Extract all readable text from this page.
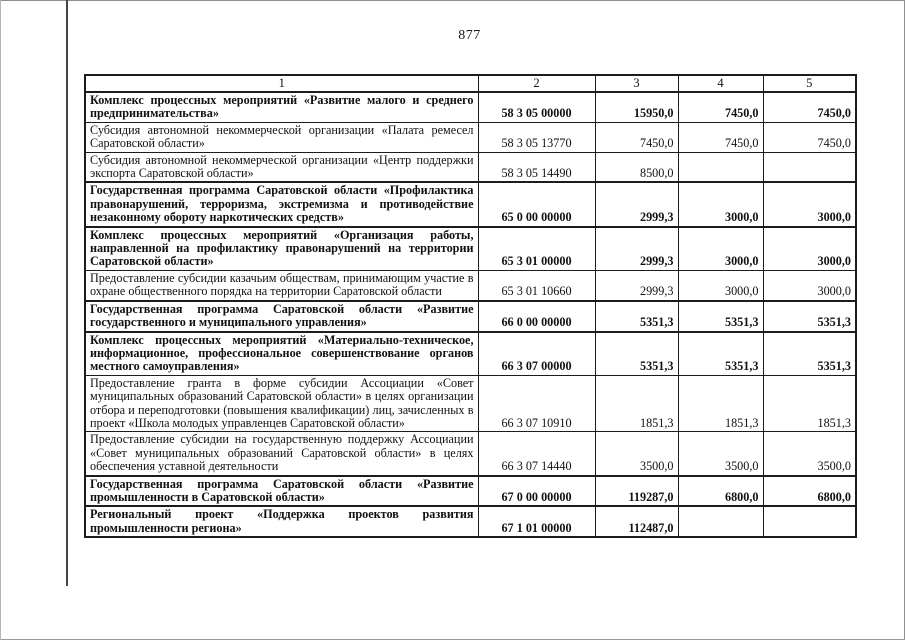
877
1	2	3	4	5
Комплекс процессных мероприятий «Развитие малого и среднего предпринимательства»	58 3 05 00000	15950,0	7450,0	7450,0
Субсидия автономной некоммерческой организации «Палата ремесел Саратовской области»	58 3 05 13770	7450,0	7450,0	7450,0
Субсидия автономной некоммерческой организации «Центр поддержки экспорта Саратовской области»	58 3 05 14490	8500,0		
Государственная программа Саратовской области «Профилактика правонарушений, терроризма, экстремизма и противодействие незаконному обороту наркотических средств»	65 0 00 00000	2999,3	3000,0	3000,0
Комплекс процессных мероприятий «Организация работы, направленной на профилактику правонарушений на территории Саратовской области»	65 3 01 00000	2999,3	3000,0	3000,0
Предоставление субсидии казачьим обществам, принимающим участие в охране общественного порядка на территории Саратовской области	65 3 01 10660	2999,3	3000,0	3000,0
Государственная программа Саратовской области «Развитие государственного и муниципального управления»	66 0 00 00000	5351,3	5351,3	5351,3
Комплекс процессных мероприятий «Материально-техническое, информационное, профессиональное совершенствование органов местного самоуправления»	66 3 07 00000	5351,3	5351,3	5351,3
Предоставление гранта в форме субсидии Ассоциации «Совет муниципальных образований Саратовской области» в целях организации отбора и переподготовки (повышения квалификации) лиц, зачисленных в проект «Школа молодых управленцев Саратовской области»	66 3 07 10910	1851,3	1851,3	1851,3
Предоставление субсидии на государственную поддержку Ассоциации «Совет муниципальных образований Саратовской области» в целях обеспечения уставной деятельности	66 3 07 14440	3500,0	3500,0	3500,0
Государственная программа Саратовской области «Развитие промышленности в Саратовской области»	67 0 00 00000	119287,0	6800,0	6800,0
Региональный проект «Поддержка проектов развития промышленности региона»	67 1 01 00000	112487,0		
